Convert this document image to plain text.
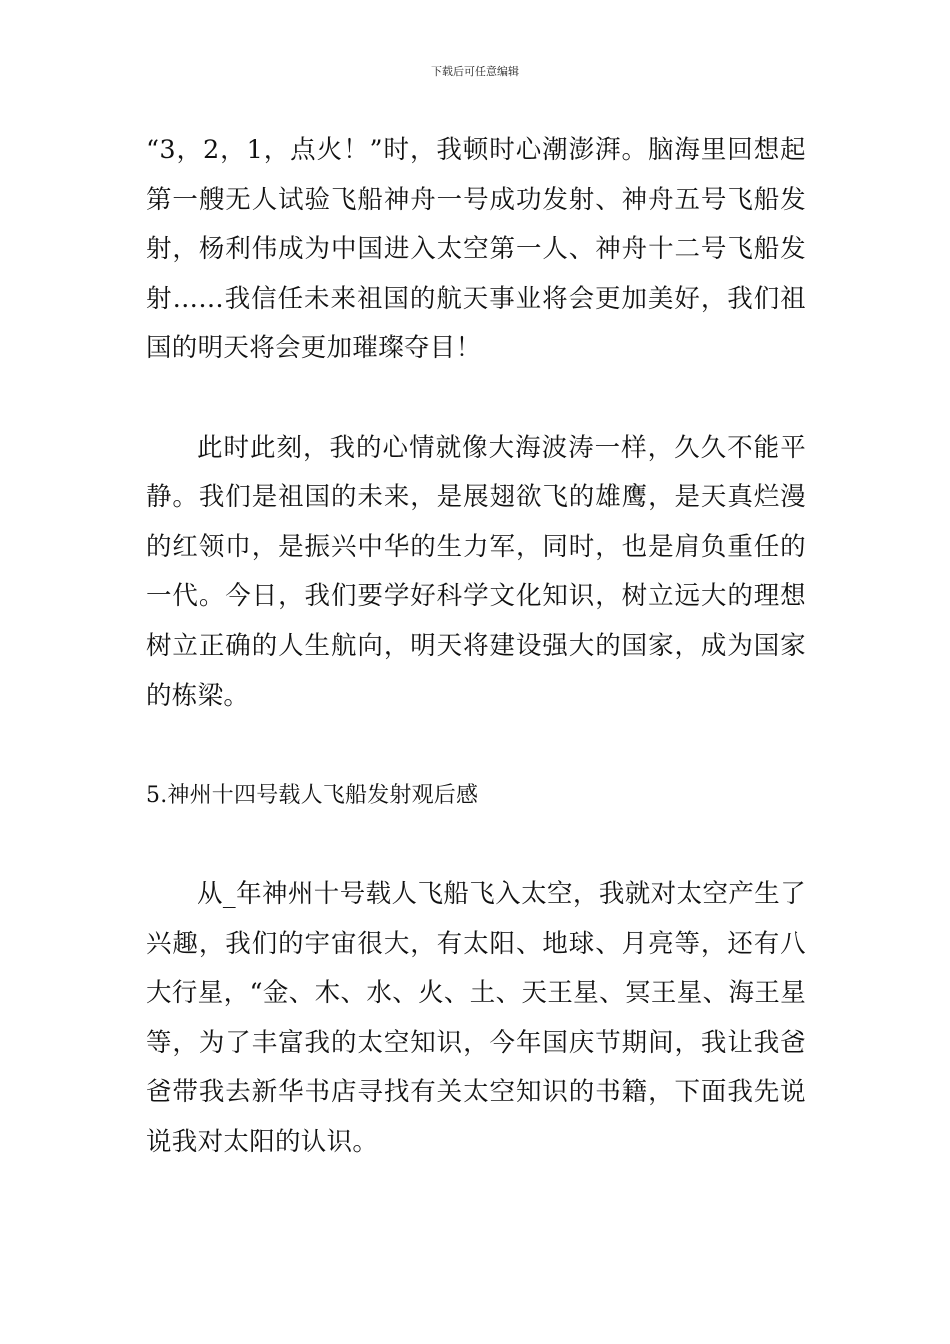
下载后可任意编辑

“3，2，1，点火！”时，我顿时心潮澎湃。脑海里回想起第一艘无人试验飞船神舟一号成功发射、神舟五号飞船发射，杨利伟成为中国进入太空第一人、神舟十二号飞船发射……我信任未来祖国的航天事业将会更加美好，我们祖国的明天将会更加璀璨夺目！

此时此刻，我的心情就像大海波涛一样，久久不能平静。我们是祖国的未来，是展翅欲飞的雄鹰，是天真烂漫的红领巾，是振兴中华的生力军，同时，也是肩负重任的一代。今日，我们要学好科学文化知识，树立远大的理想树立正确的人生航向，明天将建设强大的国家，成为国家的栋梁。

5.神州十四号载人飞船发射观后感

从_年神州十号载人飞船飞入太空，我就对太空产生了兴趣，我们的宇宙很大，有太阳、地球、月亮等，还有八大行星，“金、木、水、火、土、天王星、冥王星、海王星等，为了丰富我的太空知识，今年国庆节期间，我让我爸爸带我去新华书店寻找有关太空知识的书籍，下面我先说说我对太阳的认识。
